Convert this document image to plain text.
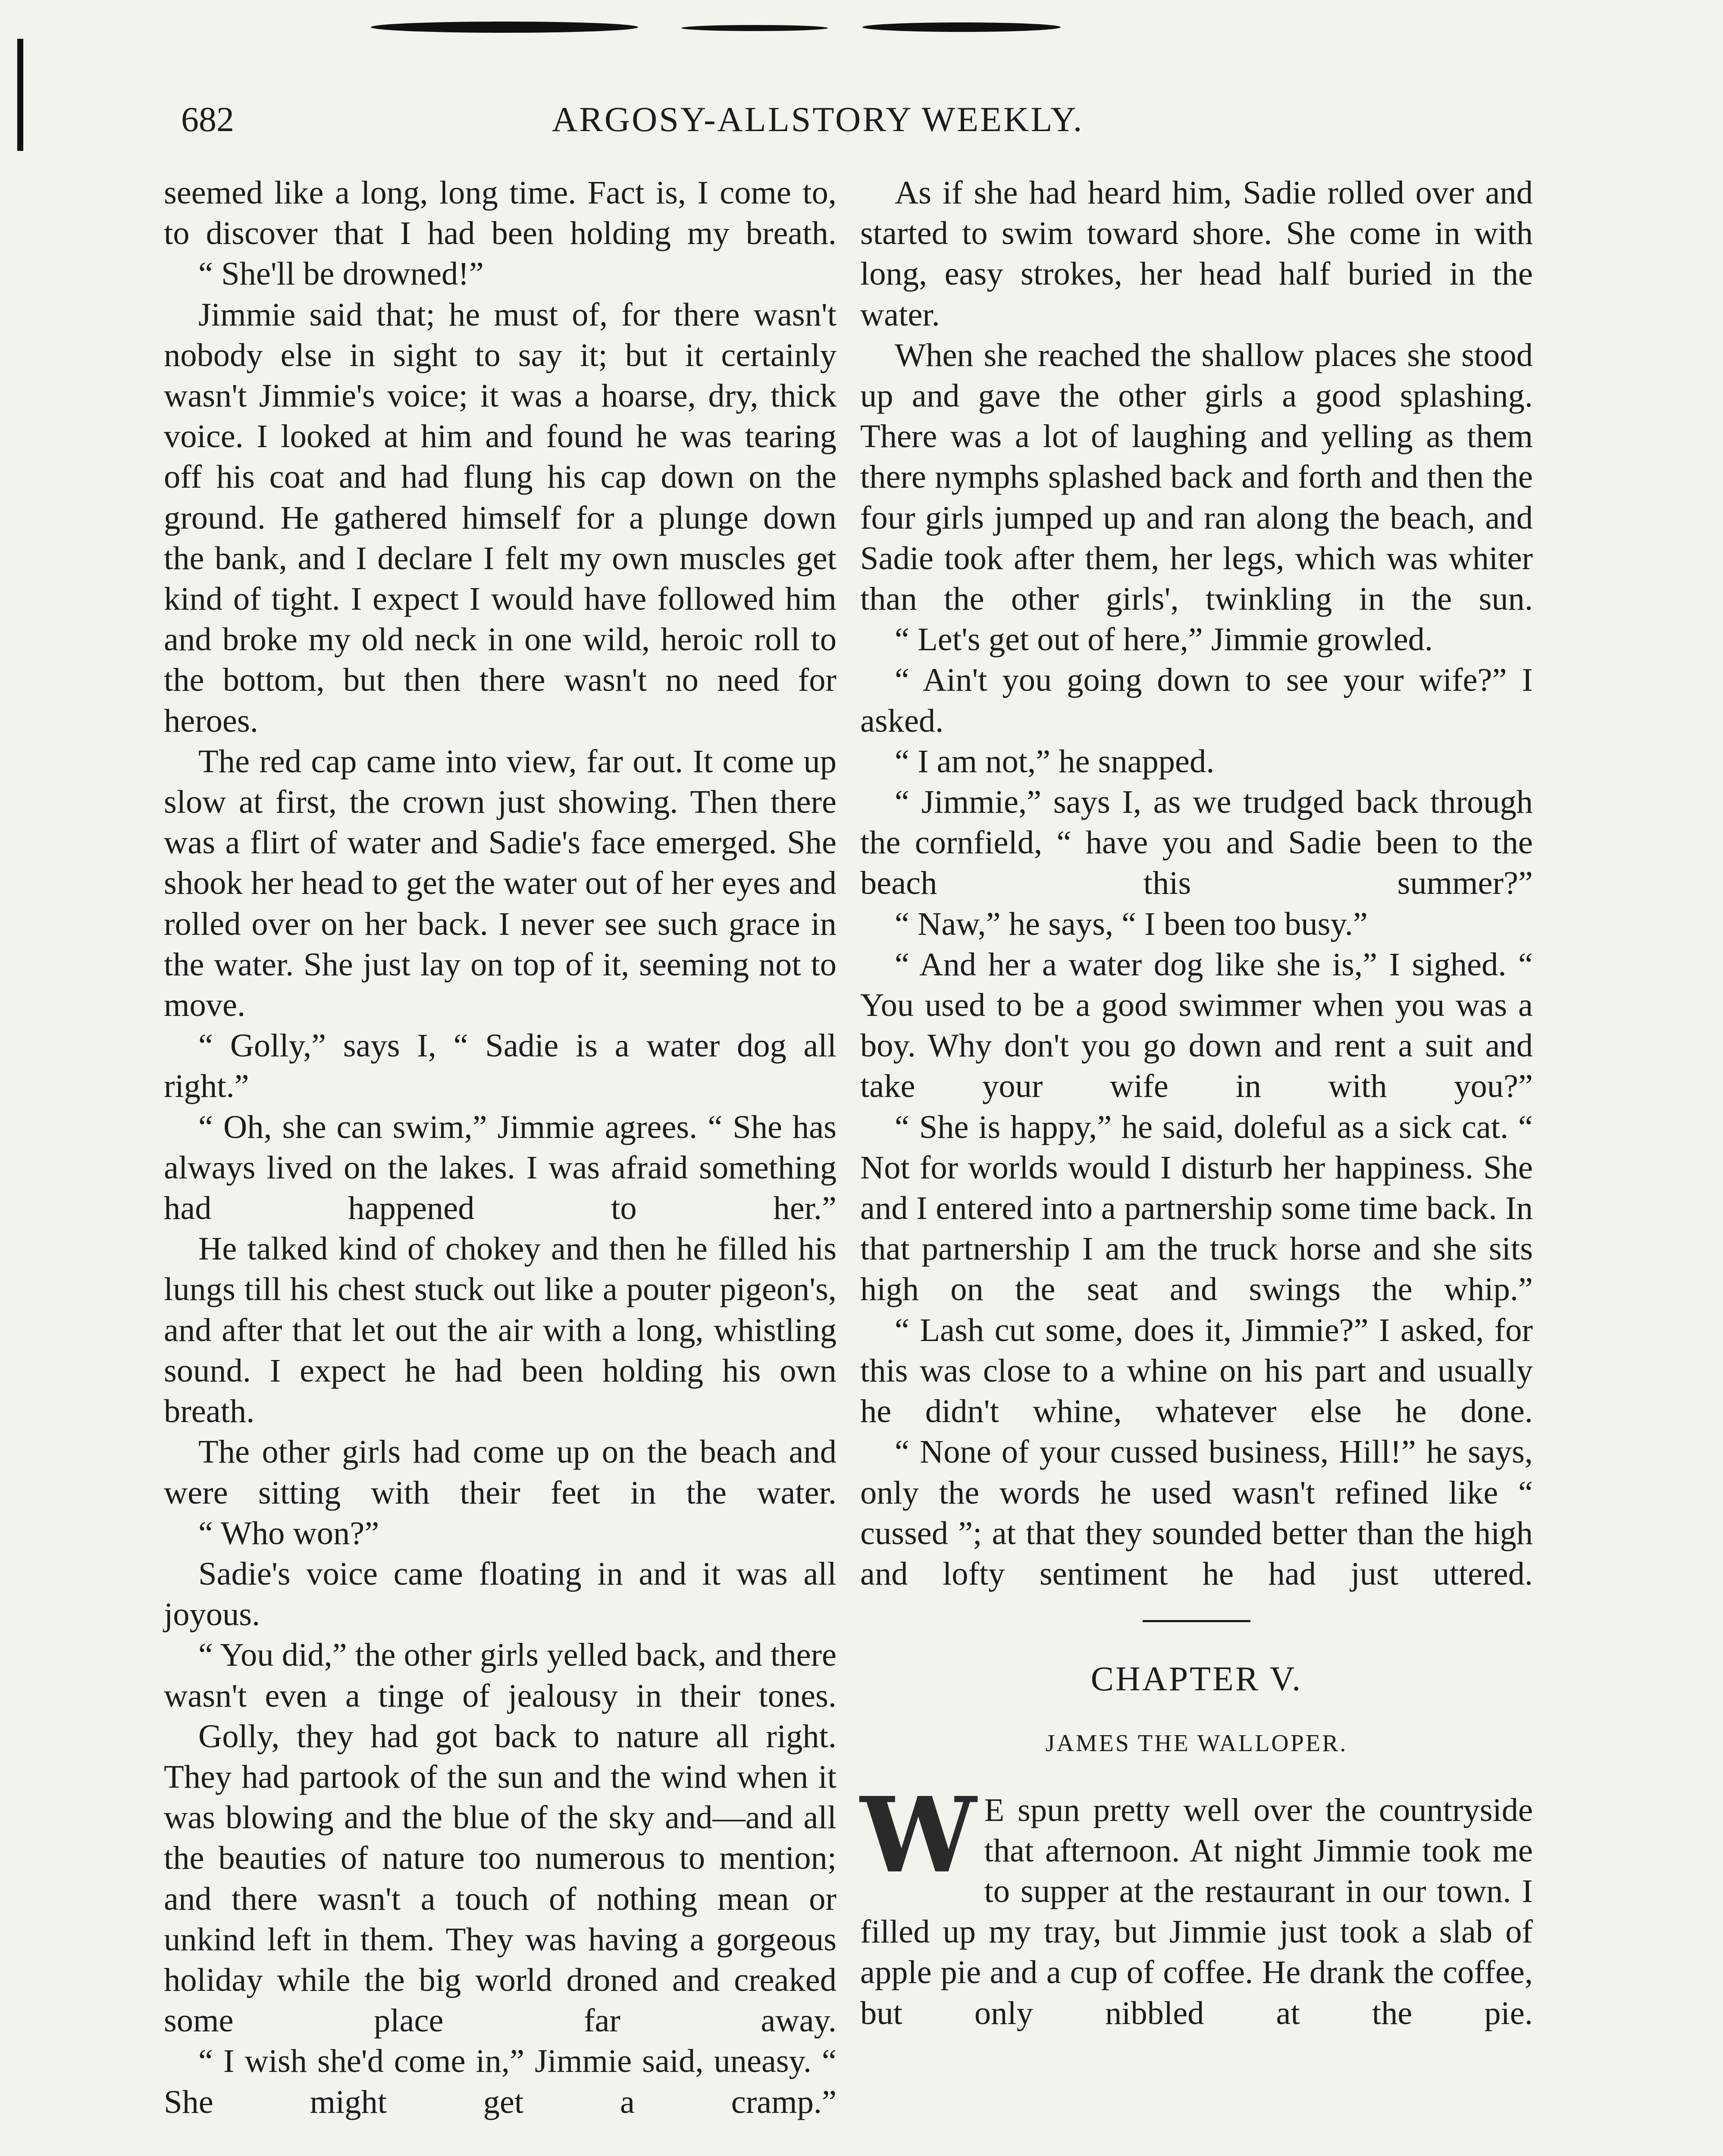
682	ARGOSY-ALLSTORY WEEKLY.

seemed like a long, long time. Fact is, I come to, to discover that I had been holding my breath.

“ She'll be drowned!”

Jimmie said that; he must of, for there wasn't nobody else in sight to say it; but it certainly wasn't Jimmie's voice; it was a hoarse, dry, thick voice. I looked at him and found he was tearing off his coat and had flung his cap down on the ground. He gathered himself for a plunge down the bank, and I declare I felt my own muscles get kind of tight. I expect I would have followed him and broke my old neck in one wild, heroic roll to the bottom, but then there wasn't no need for heroes.

The red cap came into view, far out. It come up slow at first, the crown just showing. Then there was a flirt of water and Sadie's face emerged. She shook her head to get the water out of her eyes and rolled over on her back. I never see such grace in the water. She just lay on top of it, seeming not to move.

“ Golly,” says I, “ Sadie is a water dog all right.”

“ Oh, she can swim,” Jimmie agrees. “ She has always lived on the lakes. I was afraid something had happened to her.”

He talked kind of chokey and then he filled his lungs till his chest stuck out like a pouter pigeon's, and after that let out the air with a long, whistling sound. I expect he had been holding his own breath.

The other girls had come up on the beach and were sitting with their feet in the water.

“ Who won?”

Sadie's voice came floating in and it was all joyous.

“ You did,” the other girls yelled back, and there wasn't even a tinge of jealousy in their tones.

Golly, they had got back to nature all right. They had partook of the sun and the wind when it was blowing and the blue of the sky and—and all the beauties of nature too numerous to mention; and there wasn't a touch of nothing mean or unkind left in them. They was having a gorgeous holiday while the big world droned and creaked some place far away.

“ I wish she'd come in,” Jimmie said, uneasy. “ She might get a cramp.”

As if she had heard him, Sadie rolled over and started to swim toward shore. She come in with long, easy strokes, her head half buried in the water.

When she reached the shallow places she stood up and gave the other girls a good splashing. There was a lot of laughing and yelling as them there nymphs splashed back and forth and then the four girls jumped up and ran along the beach, and Sadie took after them, her legs, which was whiter than the other girls', twinkling in the sun.

“ Let's get out of here,” Jimmie growled.

“ Ain't you going down to see your wife?” I asked.

“ I am not,” he snapped.

“ Jimmie,” says I, as we trudged back through the cornfield, “ have you and Sadie been to the beach this summer?”

“ Naw,” he says, “ I been too busy.”

“ And her a water dog like she is,” I sighed. “ You used to be a good swimmer when you was a boy. Why don't you go down and rent a suit and take your wife in with you?”

“ She is happy,” he said, doleful as a sick cat. “ Not for worlds would I disturb her happiness. She and I entered into a partnership some time back. In that partnership I am the truck horse and she sits high on the seat and swings the whip.”

“ Lash cut some, does it, Jimmie?” I asked, for this was close to a whine on his part and usually he didn't whine, whatever else he done.

“ None of your cussed business, Hill!” he says, only the words he used wasn't refined like “ cussed ”; at that they sounded better than the high and lofty sentiment he had just uttered.

CHAPTER V.
JAMES THE WALLOPER.

W E spun pretty well over the countryside that afternoon. At night Jimmie took me to supper at the restaurant in our town. I filled up my tray, but Jimmie just took a slab of apple pie and a cup of coffee. He drank the coffee, but only nibbled at the pie.
